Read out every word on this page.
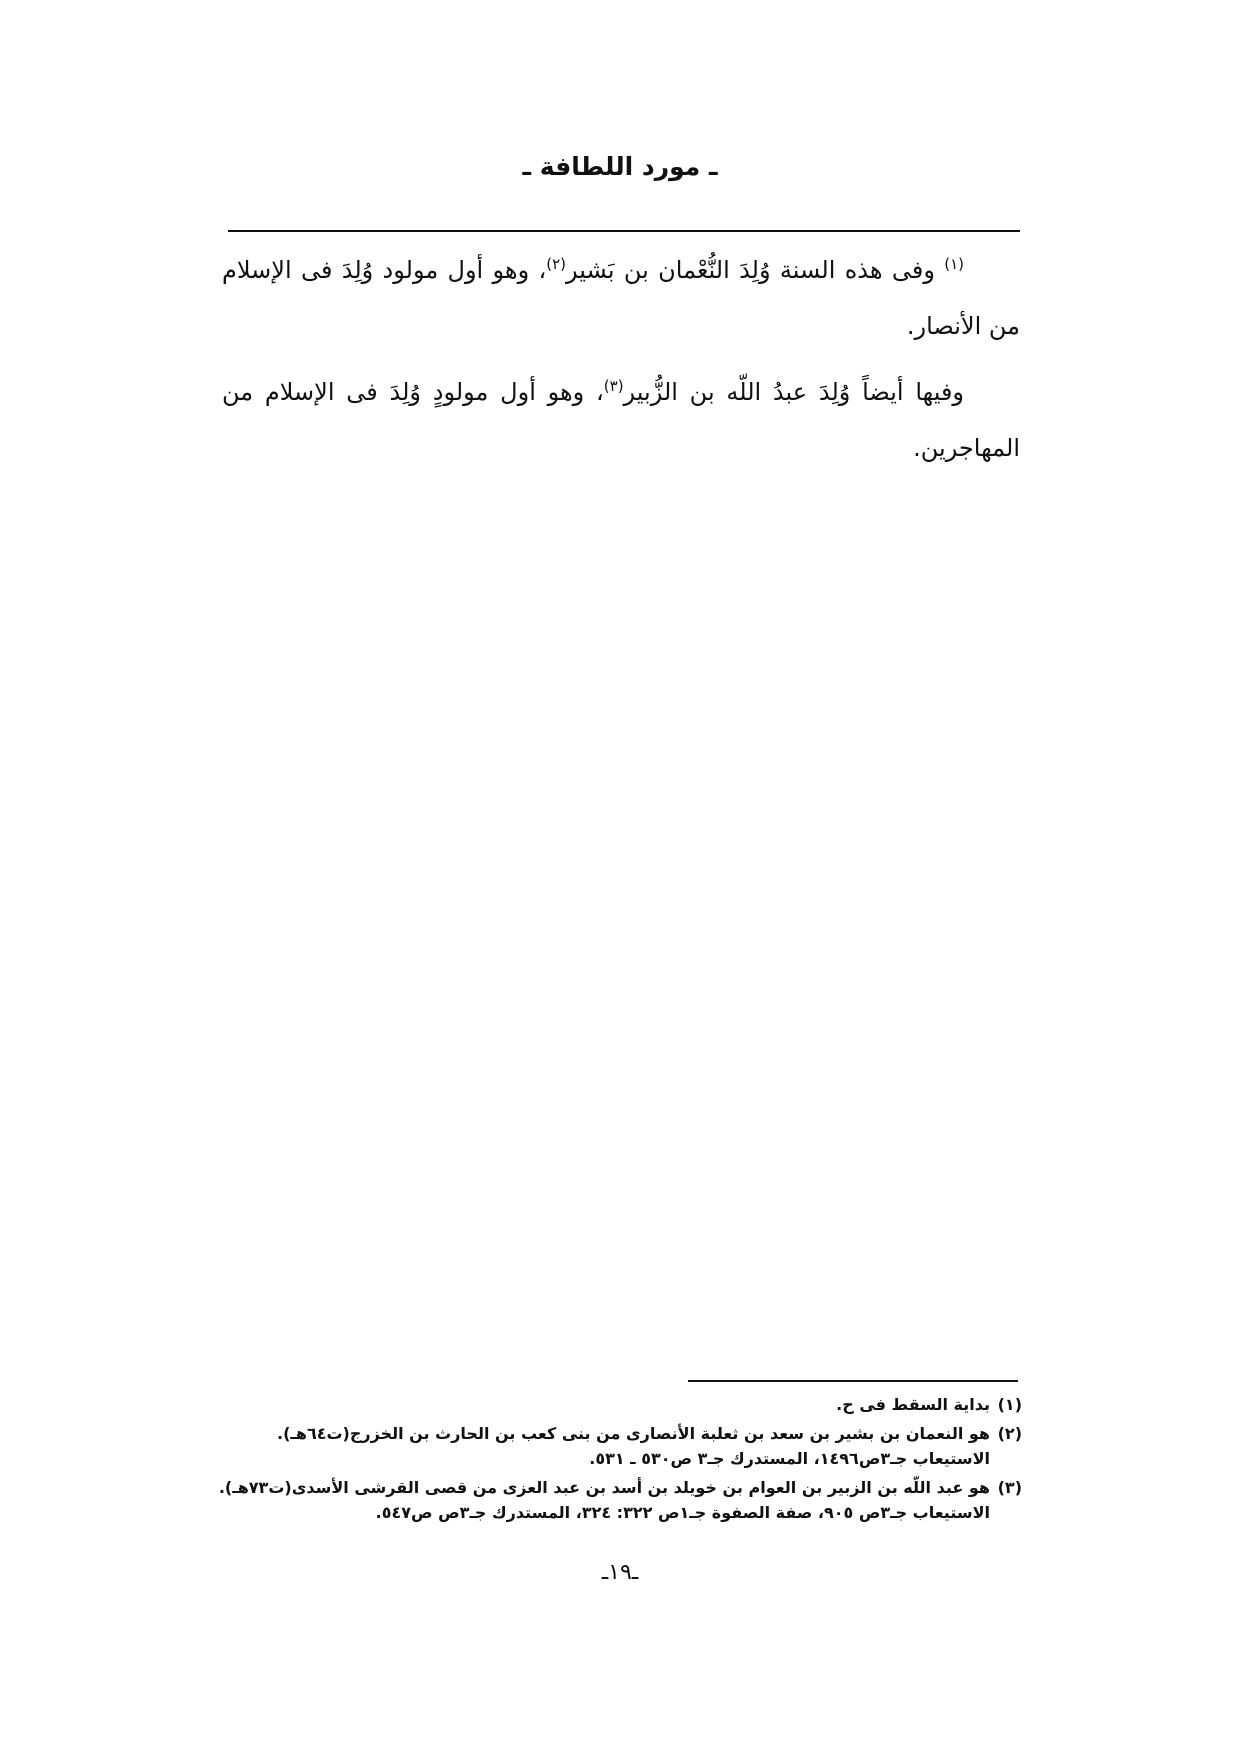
ـ مورد اللطافة ـ

$^{(١)}$ وفى هذه السنة وُلِدَ النُّعْمان بن بَشير$^{(٢)}$، وهو أول مولود وُلِدَ فى الإسلام من الأنصار.

وفيها أيضاً وُلِدَ عبدُ اللّه بن الزُّبير$^{(٣)}$، وهو أول مولودٍ وُلِدَ فى الإسلام من المهاجرين.

(١)
بداية السقط فى ح.
(٢)
هو النعمان بن بشير بن سعد بن ثعلبة الأنصارى من بنى كعب بن الحارث بن الخزرج(ت٦٤هـ).
الاستيعاب جـ٣ص١٤٩٦، المستدرك جـ٣ ص٥٣٠ ـ ٥٣١.
(٣)
هو عبد اللّه بن الزبير بن العوام بن خويلد بن أسد بن عبد العزى من قصى القرشى الأسدى(ت٧٣هـ).
الاستيعاب جـ٣ص ٩٠٥، صفة الصفوة جـ١ص ٣٢٢: ٣٢٤، المستدرك جـ٣ص ص٥٤٧.
ـ١٩ـ
